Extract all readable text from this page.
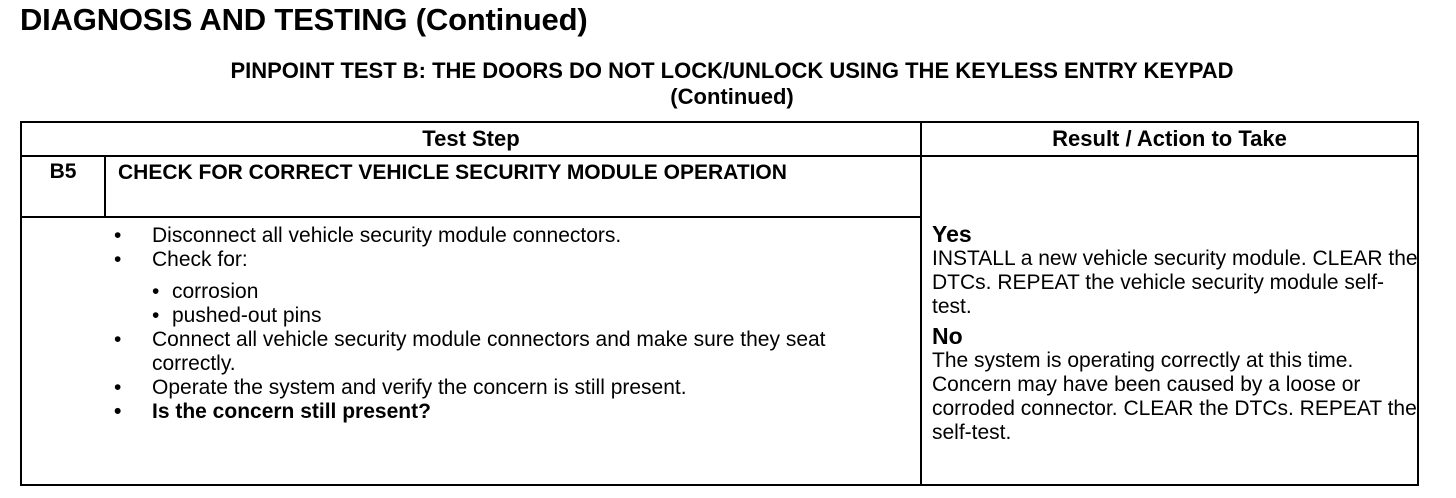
DIAGNOSIS AND TESTING (Continued)
PINPOINT TEST B: THE DOORS DO NOT LOCK/UNLOCK USING THE KEYLESS ENTRY KEYPAD
(Continued)
Test Step	Result / Action to Take
B5	CHECK FOR CORRECT VEHICLE SECURITY MODULE OPERATION
•	Disconnect all vehicle security module connectors.
•	Check for:
• corrosion
• pushed-out pins
•	Connect all vehicle security module connectors and make sure they seat correctly.
•	Operate the system and verify the concern is still present.
•	Is the concern still present?
Yes
INSTALL a new vehicle security module. CLEAR the DTCs. REPEAT the vehicle security module self-test.
No
The system is operating correctly at this time. Concern may have been caused by a loose or corroded connector. CLEAR the DTCs. REPEAT the self-test.
